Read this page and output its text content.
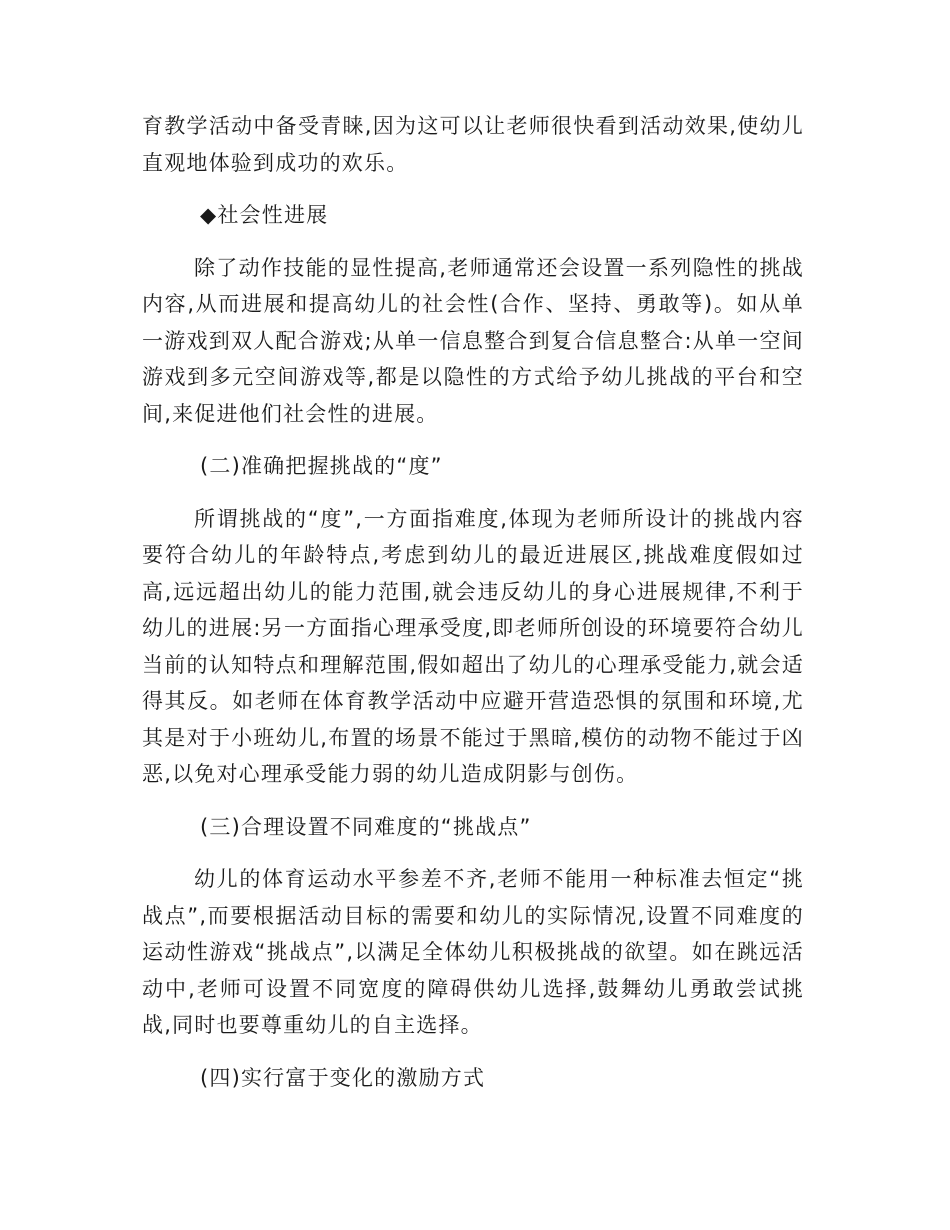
育教学活动中备受青睐,因为这可以让老师很快看到活动效果,使幼儿直观地体验到成功的欢乐。

◆社会性进展

除了动作技能的显性提高,老师通常还会设置一系列隐性的挑战内容,从而进展和提高幼儿的社会性(合作、坚持、勇敢等)。如从单一游戏到双人配合游戏;从单一信息整合到复合信息整合:从单一空间游戏到多元空间游戏等,都是以隐性的方式给予幼儿挑战的平台和空间,来促进他们社会性的进展。

(二)准确把握挑战的“度”

所谓挑战的“度”,一方面指难度,体现为老师所设计的挑战内容要符合幼儿的年龄特点,考虑到幼儿的最近进展区,挑战难度假如过高,远远超出幼儿的能力范围,就会违反幼儿的身心进展规律,不利于幼儿的进展:另一方面指心理承受度,即老师所创设的环境要符合幼儿当前的认知特点和理解范围,假如超出了幼儿的心理承受能力,就会适得其反。如老师在体育教学活动中应避开营造恐惧的氛围和环境,尤其是对于小班幼儿,布置的场景不能过于黑暗,模仿的动物不能过于凶恶,以免对心理承受能力弱的幼儿造成阴影与创伤。

(三)合理设置不同难度的“挑战点”

幼儿的体育运动水平参差不齐,老师不能用一种标准去恒定“挑战点”,而要根据活动目标的需要和幼儿的实际情况,设置不同难度的运动性游戏“挑战点”,以满足全体幼儿积极挑战的欲望。如在跳远活动中,老师可设置不同宽度的障碍供幼儿选择,鼓舞幼儿勇敢尝试挑战,同时也要尊重幼儿的自主选择。

(四)实行富于变化的激励方式
